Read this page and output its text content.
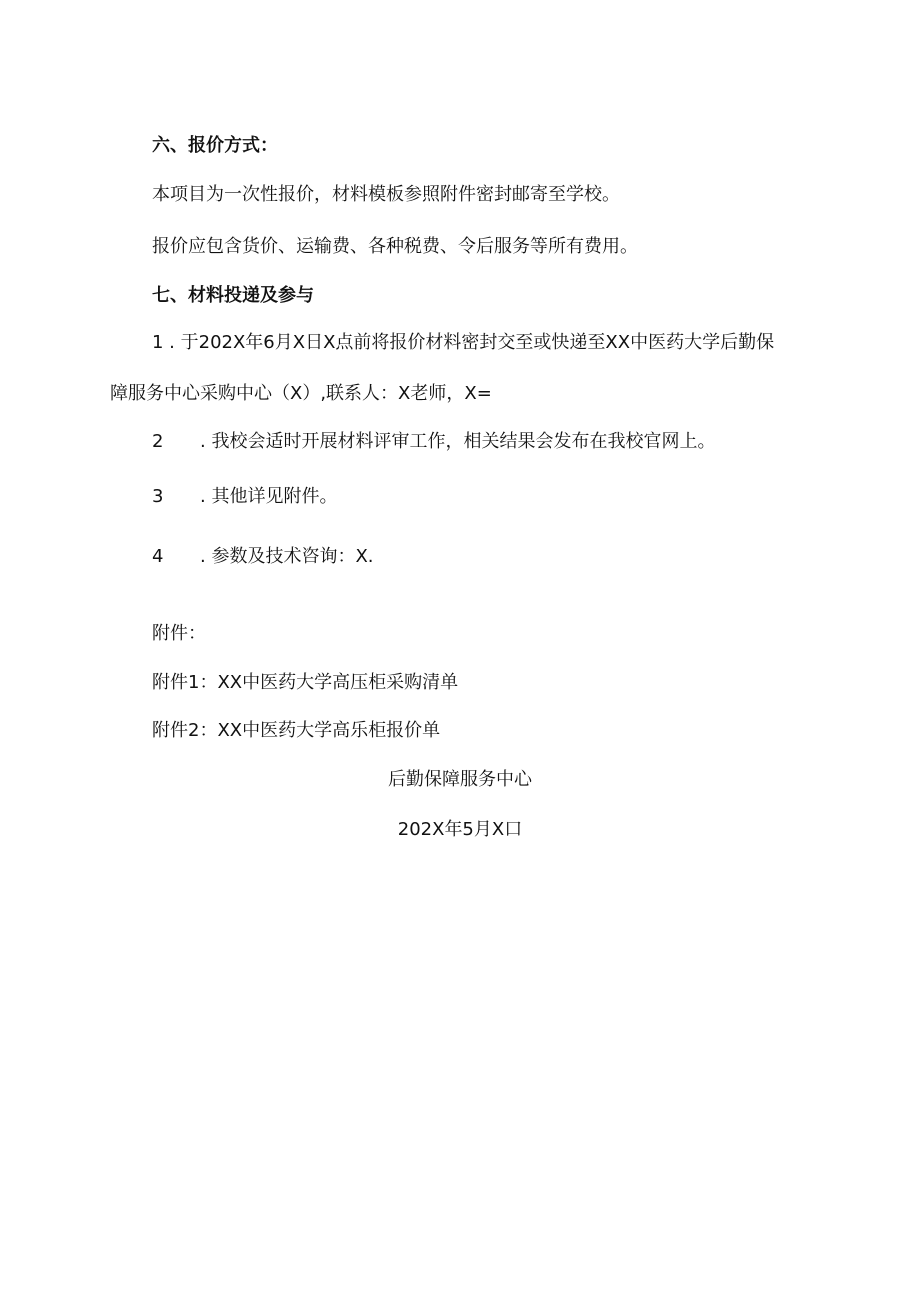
六、报价方式：
本项目为一次性报价，材料模板参照附件密封邮寄至学校。
报价应包含货价、运输费、各种税费、令后服务等所有费用。
七、材料投递及参与
1 . 于202X年6月X日X点前将报价材料密封交至或快递至XX中医药大学后勤保
障服务中心采购中心（X）,联系人：X老师，X=
2 . 我校会适时开展材料评审工作，相关结果会发布在我校官网上。
3 . 其他详见附件。
4 . 参数及技术咨询：X.
附件：
附件1：XX中医药大学高压柜采购清单
附件2：XX中医药大学高乐柜报价单
后勤保障服务中心
202X年5月X口
